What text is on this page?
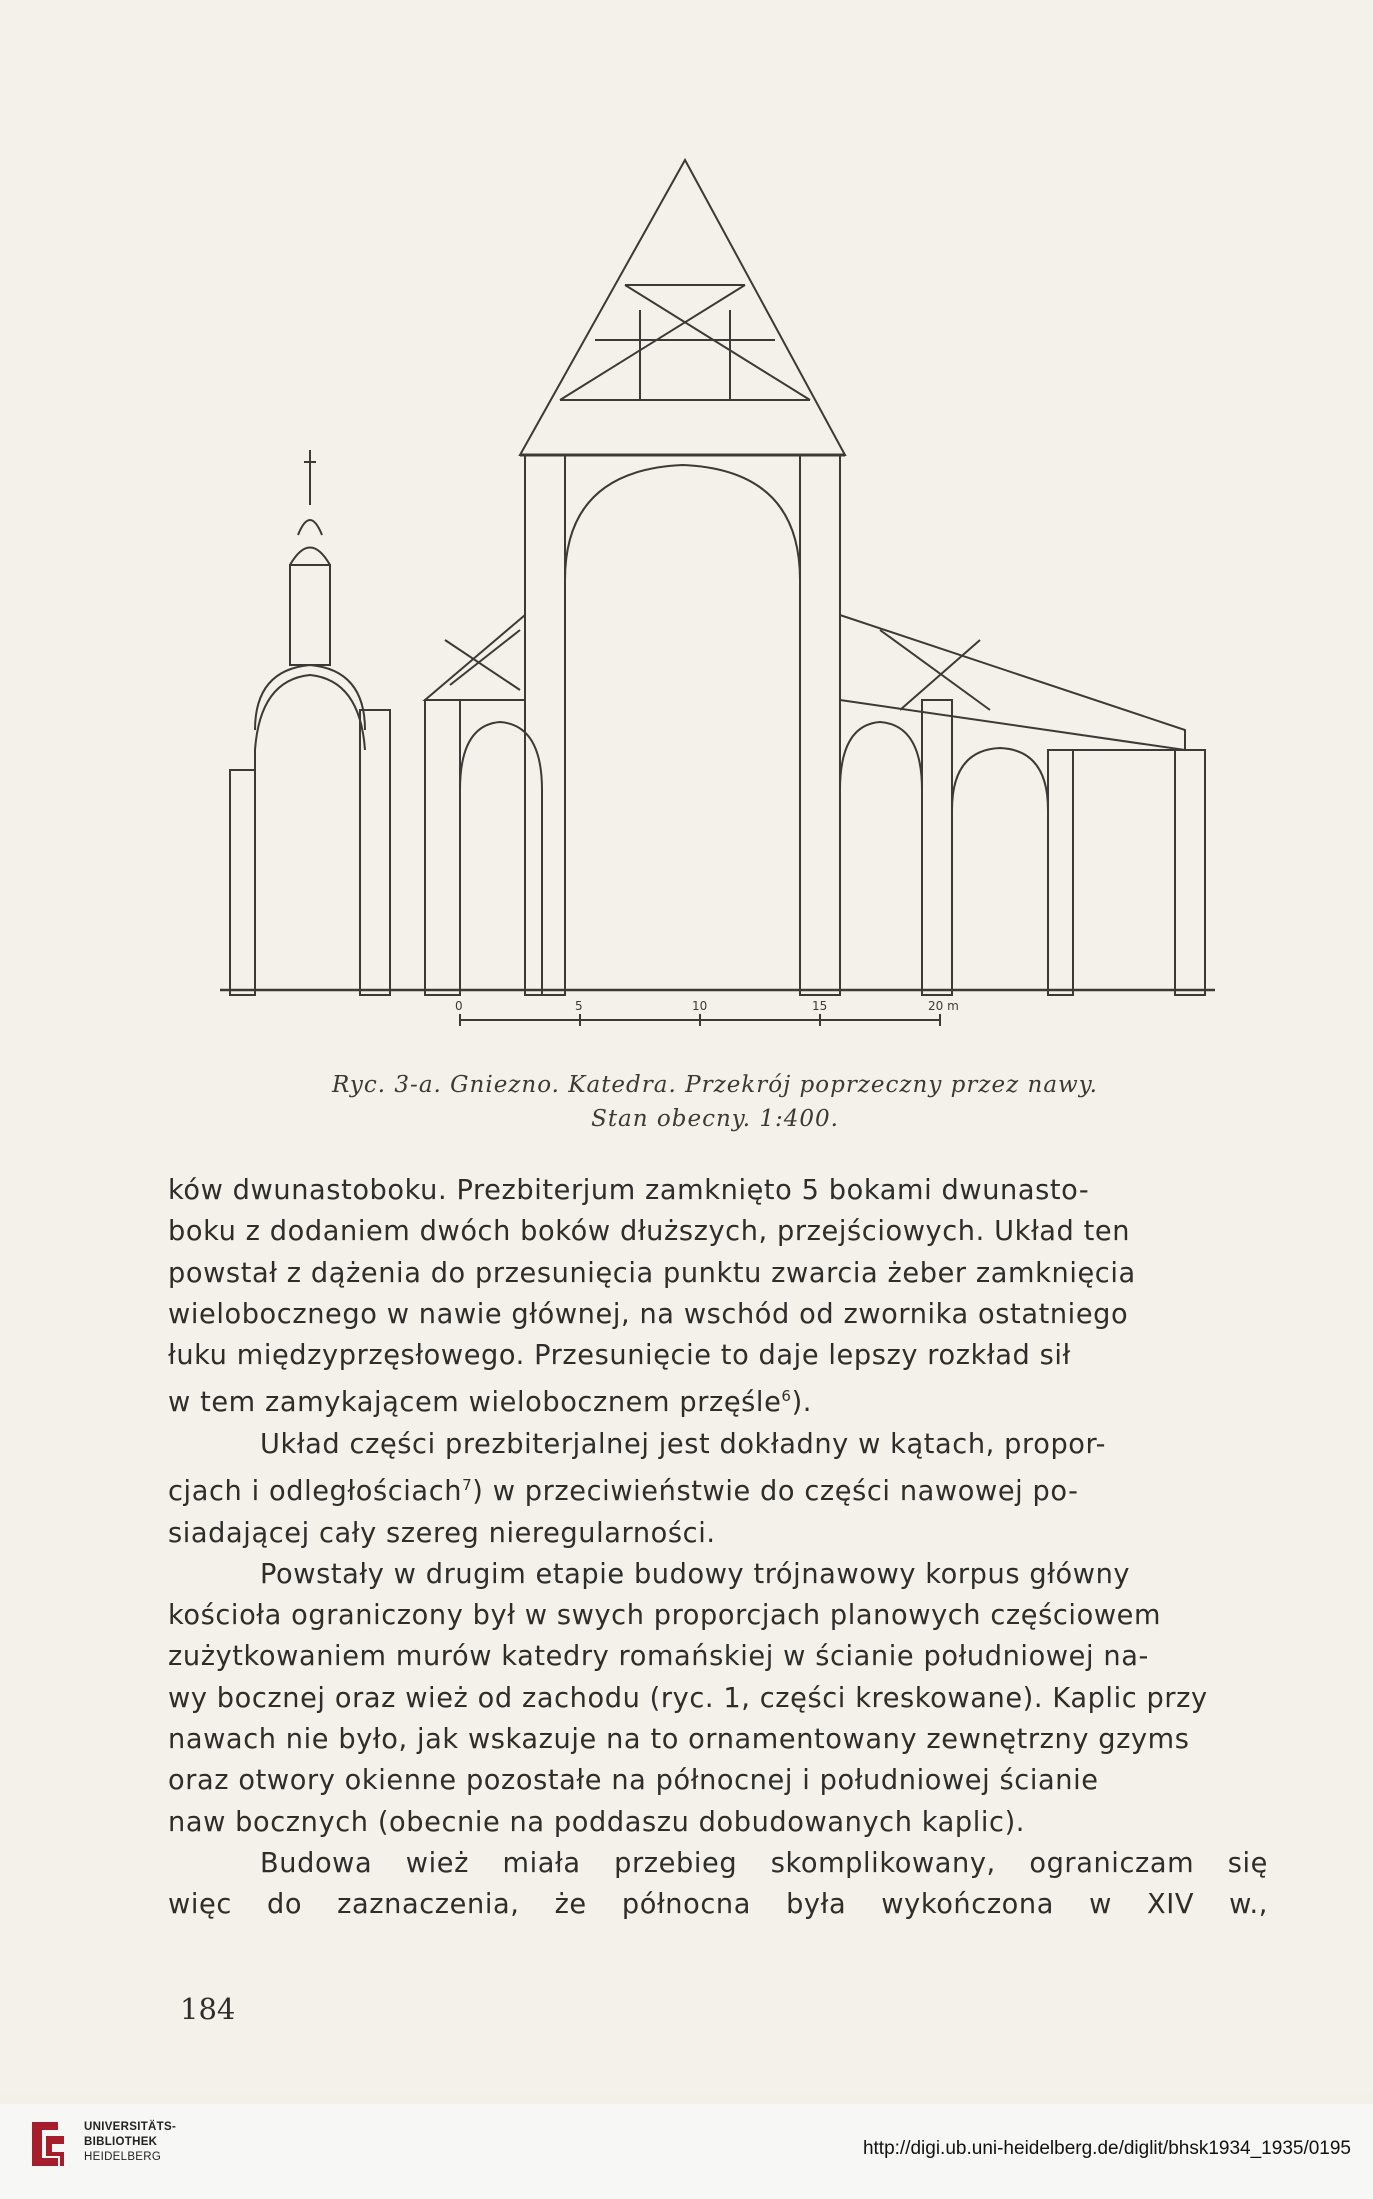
0	5	10	15	20 m
Ryc. 3-a. Gniezno. Katedra. Przekrój poprzeczny przez nawy.
Stan obecny. 1:400.

ków dwunastoboku. Prezbiterjum zamknięto 5 bokami dwunasto-
boku z dodaniem dwóch boków dłuższych, przejściowych. Układ ten
powstał z dążenia do przesunięcia punktu zwarcia żeber zamknięcia
wielobocznego w nawie głównej, na wschód od zwornika ostatniego
łuku międzyprzęsłowego. Przesunięcie to daje lepszy rozkład sił
w tem zamykającem wielobocznem przęśle$^6$).

Układ części prezbiterjalnej jest dokładny w kątach, propor-
cjach i odległościach$^7$) w przeciwieństwie do części nawowej po-
siadającej cały szereg nieregularności.

Powstały w drugim etapie budowy trójnawowy korpus główny
kościoła ograniczony był w swych proporcjach planowych częściowem
zużytkowaniem murów katedry romańskiej w ścianie południowej na-
wy bocznej oraz wież od zachodu (ryc. 1, części kreskowane). Kaplic przy
nawach nie było, jak wskazuje na to ornamentowany zewnętrzny gzyms
oraz otwory okienne pozostałe na północnej i południowej ścianie
naw bocznych (obecnie na poddaszu dobudowanych kaplic).

Budowa wież miała przebieg skomplikowany, ograniczam się
więc do zaznaczenia, że północna była wykończona w XIV w.,

184
UNIVERSITÄTS-
BIBLIOTHEK
HEIDELBERG	http://digi.ub.uni-heidelberg.de/diglit/bhsk1934_1935/0195
